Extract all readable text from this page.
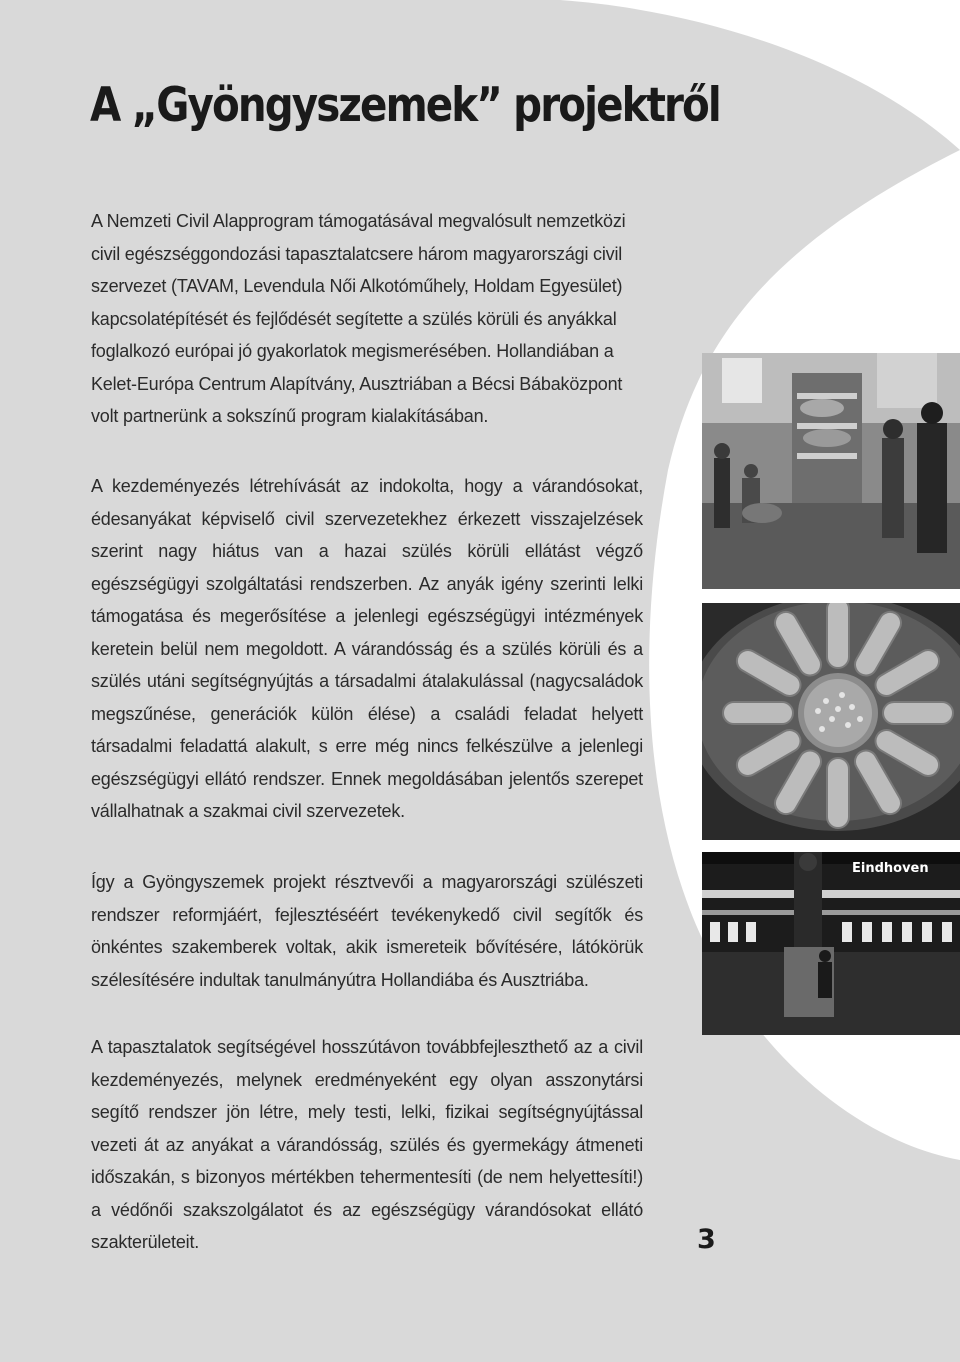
A „Gyöngyszemek” projektről

A Nemzeti Civil Alapprogram támogatásával megvalósult nemzetközi civil egészséggondozási tapasztalatcsere három magyarországi civil szervezet (TAVAM, Levendula Női Alkotóműhely, Holdam Egyesület) kapcsolatépítését és fejlődését segítette a szülés körüli és anyákkal foglalkozó európai jó gyakorlatok megismerésében. Hollandiában a Kelet-Európa Centrum Alapítvány, Ausztriában a Bécsi Bábaközpont volt partnerünk a sokszínű program kialakításában.

A kezdeményezés létrehívását az indokolta, hogy a várandósokat, édesanyákat képviselő civil szervezetekhez érkezett visszajelzések szerint nagy hiátus van a hazai szülés körüli ellátást végző egészségügyi szolgáltatási rendszerben. Az anyák igény szerinti lelki támogatása és megerősítése a jelenlegi egészségügyi intézmények keretein belül nem megoldott. A várandósság és a szülés körüli és a szülés utáni segítségnyújtás a társadalmi átalakulással (nagycsaládok megszűnése, generációk külön élése) a családi feladat helyett társadalmi feladattá alakult, s erre még nincs felkészülve a jelenlegi egészségügyi ellátó rendszer. Ennek megoldásában jelentős szerepet vállalhatnak a szakmai civil szervezetek.

Így a Gyöngyszemek projekt résztvevői a magyarországi szülészeti rendszer reformjáért, fejlesztéséért tevékenykedő civil segítők és önkéntes szakemberek voltak, akik ismereteik bővítésére, látókörük szélesítésére indultak tanulmányútra Hollandiába és Ausztriába.

A tapasztalatok segítségével hosszútávon továbbfejleszthető az a civil kezdeményezés, melynek eredményeként egy olyan asszonytársi segítő rendszer jön létre, mely testi, lelki, fizikai segítségnyújtással vezeti át az anyákat a várandósság, szülés és gyermekágy átmeneti időszakán, s bizonyos mértékben tehermentesíti (de nem helyettesíti!) a védőnői szakszolgálatot és az egészségügy várandósokat ellátó szakterületeit.

Eindhoven
3
